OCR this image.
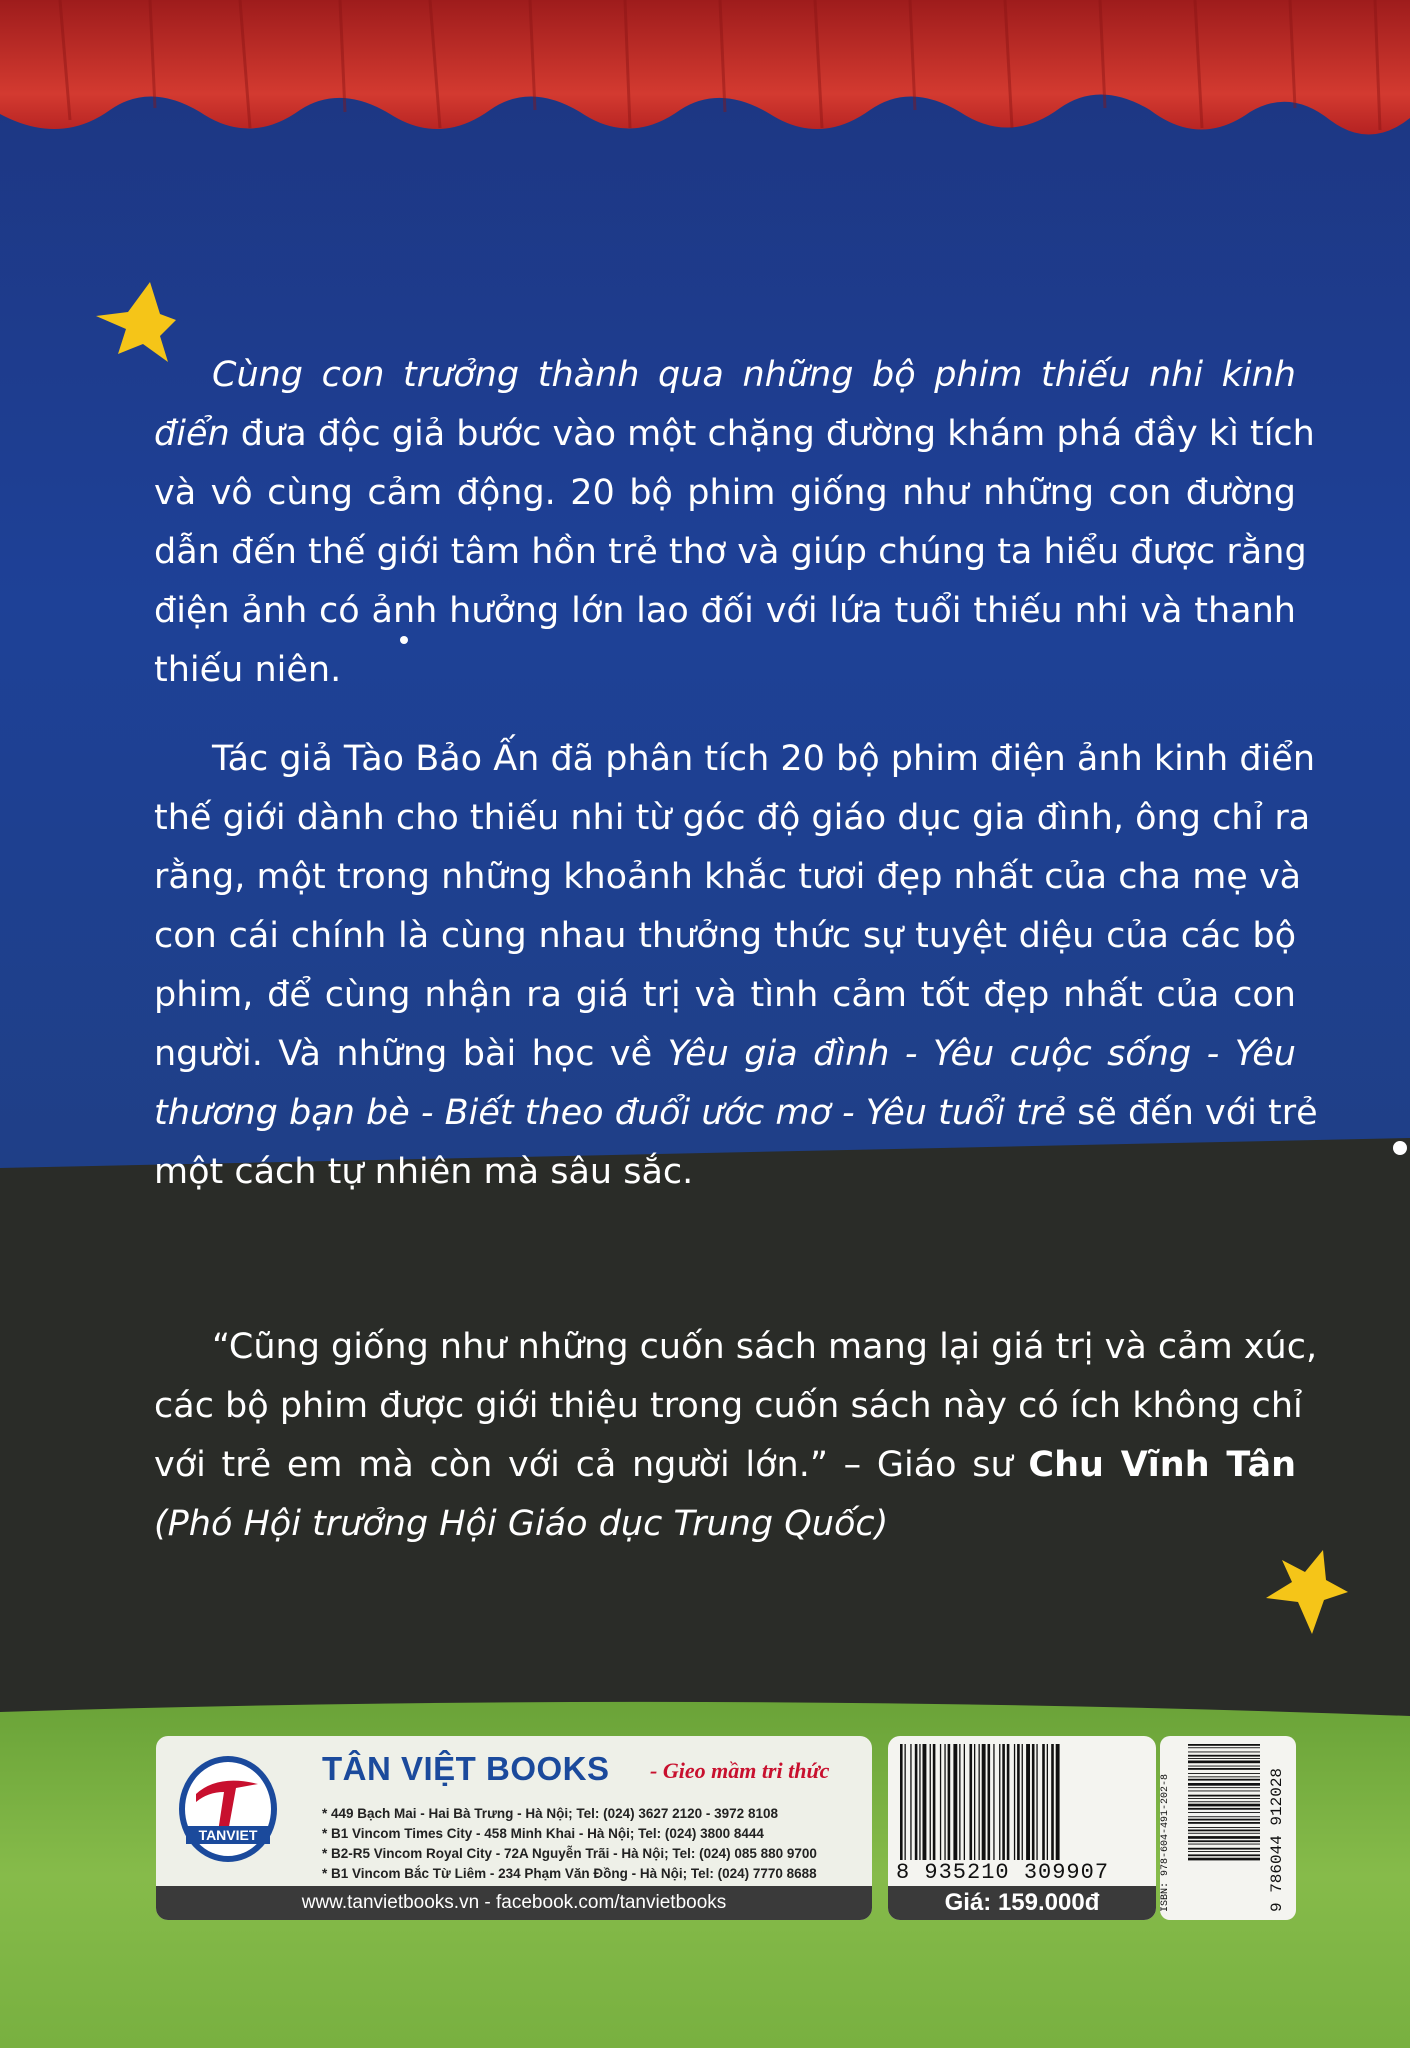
Cùng con trưởng thành qua những bộ phim thiếu nhi kinh
điển đưa độc giả bước vào một chặng đường khám phá đầy kì tích
và vô cùng cảm động. 20 bộ phim giống như những con đường
dẫn đến thế giới tâm hồn trẻ thơ và giúp chúng ta hiểu được rằng
điện ảnh có ảnh hưởng lớn lao đối với lứa tuổi thiếu nhi và thanh
thiếu niên.
Tác giả Tào Bảo Ấn đã phân tích 20 bộ phim điện ảnh kinh điển
thế giới dành cho thiếu nhi từ góc độ giáo dục gia đình, ông chỉ ra
rằng, một trong những khoảnh khắc tươi đẹp nhất của cha mẹ và
con cái chính là cùng nhau thưởng thức sự tuyệt diệu của các bộ
phim, để cùng nhận ra giá trị và tình cảm tốt đẹp nhất của con
người. Và những bài học về Yêu gia đình - Yêu cuộc sống - Yêu
thương bạn bè - Biết theo đuổi ước mơ - Yêu tuổi trẻ sẽ đến với trẻ
một cách tự nhiên mà sâu sắc.
“Cũng giống như những cuốn sách mang lại giá trị và cảm xúc,
các bộ phim được giới thiệu trong cuốn sách này có ích không chỉ
với trẻ em mà còn với cả người lớn.” – Giáo sư Chu Vĩnh Tân
(Phó Hội trưởng Hội Giáo dục Trung Quốc)
TANVIET
TÂN VIỆT BOOKS - Gieo mầm tri thức
* 449 Bạch Mai - Hai Bà Trưng - Hà Nội; Tel: (024) 3627 2120 - 3972 8108
* B1 Vincom Times City - 458 Minh Khai - Hà Nội; Tel: (024) 3800 8444
* B2-R5 Vincom Royal City - 72A Nguyễn Trãi - Hà Nội; Tel: (024) 085 880 9700
* B1 Vincom Bắc Từ Liêm - 234 Phạm Văn Đồng - Hà Nội; Tel: (024) 7770 8688
www.tanvietbooks.vn - facebook.com/tanvietbooks
8 935210 309907
Giá: 159.000đ	ISBN: 978-604-491-202-8	9 786044 912028
